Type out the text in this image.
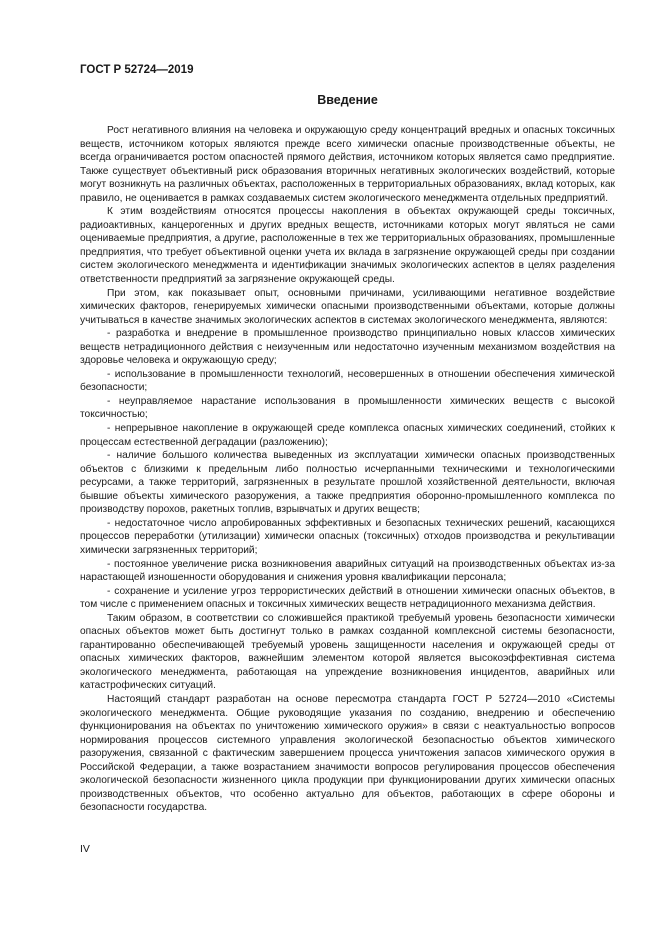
ГОСТ Р 52724—2019
Введение

Рост негативного влияния на человека и окружающую среду концентраций вредных и опасных токсичных веществ, источником которых являются прежде всего химически опасные производственные объекты, не всегда ограничивается ростом опасностей прямого действия, источником которых является само предприятие. Также существует объективный риск образования вторичных негативных экологических воздействий, которые могут возникнуть на различных объектах, расположенных в территориальных образованиях, вклад которых, как правило, не оценивается в рамках создаваемых систем экологического менеджмента отдельных предприятий.

К этим воздействиям относятся процессы накопления в объектах окружающей среды токсичных, радиоактивных, канцерогенных и других вредных веществ, источниками которых могут являться не сами оцениваемые предприятия, а другие, расположенные в тех же территориальных образованиях, промышленные предприятия, что требует объективной оценки учета их вклада в загрязнение окружающей среды при создании систем экологического менеджмента и идентификации значимых экологических аспектов в целях разделения ответственности предприятий за загрязнение окружающей среды.

При этом, как показывает опыт, основными причинами, усиливающими негативное воздействие химических факторов, генерируемых химически опасными производственными объектами, которые должны учитываться в качестве значимых экологических аспектов в системах экологического менеджмента, являются:

- разработка и внедрение в промышленное производство принципиально новых классов химических веществ нетрадиционного действия с неизученным или недостаточно изученным механизмом воздействия на здоровье человека и окружающую среду;

- использование в промышленности технологий, несовершенных в отношении обеспечения химической безопасности;

- неуправляемое нарастание использования в промышленности химических веществ с высокой токсичностью;

- непрерывное накопление в окружающей среде комплекса опасных химических соединений, стойких к процессам естественной деградации (разложению);

- наличие большого количества выведенных из эксплуатации химически опасных производственных объектов с близкими к предельным либо полностью исчерпанными техническими и технологическими ресурсами, а также территорий, загрязненных в результате прошлой хозяйственной деятельности, включая бывшие объекты химического разоружения, а также предприятия оборонно-промышленного комплекса по производству порохов, ракетных топлив, взрывчатых и других веществ;

- недостаточное число апробированных эффективных и безопасных технических решений, касающихся процессов переработки (утилизации) химически опасных (токсичных) отходов производства и рекультивации химически загрязненных территорий;

- постоянное увеличение риска возникновения аварийных ситуаций на производственных объектах из-за нарастающей изношенности оборудования и снижения уровня квалификации персонала;

- сохранение и усиление угроз террористических действий в отношении химически опасных объектов, в том числе с применением опасных и токсичных химических веществ нетрадиционного механизма действия.

Таким образом, в соответствии со сложившейся практикой требуемый уровень безопасности химически опасных объектов может быть достигнут только в рамках созданной комплексной системы безопасности, гарантированно обеспечивающей требуемый уровень защищенности населения и окружающей среды от опасных химических факторов, важнейшим элементом которой является высокоэффективная система экологического менеджмента, работающая на упреждение возникновения инцидентов, аварийных или катастрофических ситуаций.

Настоящий стандарт разработан на основе пересмотра стандарта ГОСТ Р 52724—2010 «Системы экологического менеджмента. Общие руководящие указания по созданию, внедрению и обеспечению функционирования на объектах по уничтожению химического оружия» в связи с неактуальностью вопросов нормирования процессов системного управления экологической безопасностью объектов химического разоружения, связанной с фактическим завершением процесса уничтожения запасов химического оружия в Российской Федерации, а также возрастанием значимости вопросов регулирования процессов обеспечения экологической безопасности жизненного цикла продукции при функционировании других химически опасных производственных объектов, что особенно актуально для объектов, работающих в сфере обороны и безопасности государства.

IV
